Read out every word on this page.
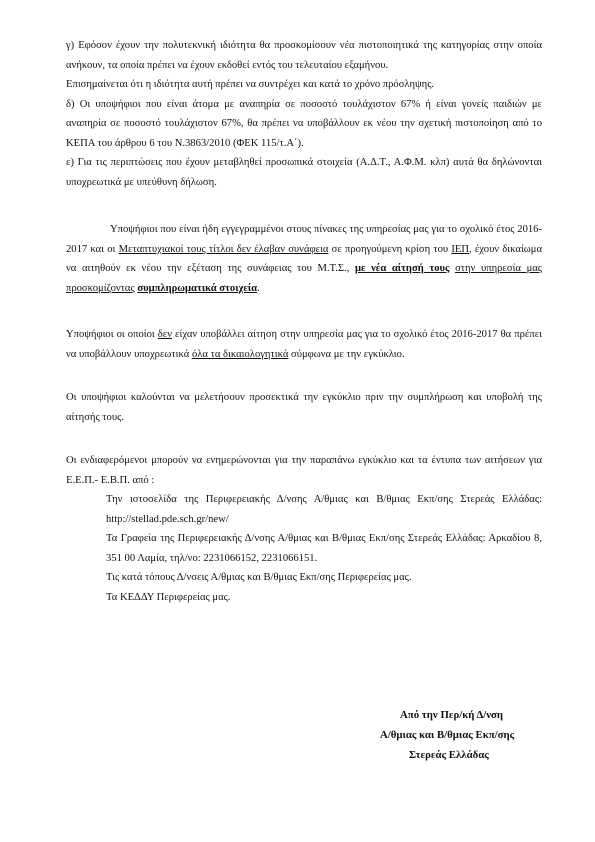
γ) Εφόσον έχουν την πολυτεκνική ιδιότητα θα προσκομίσουν νέα πιστοποιητικά της κατηγορίας στην οποία ανήκουν, τα οποία πρέπει να έχουν εκδοθεί εντός του τελευταίου εξαμήνου.

Επισημαίνεται ότι η ιδιότητα αυτή πρέπει να συντρέχει και κατά το χρόνο πρόσληψης.

δ) Οι υποψήφιοι που είναι άτομα με αναπηρία σε ποσοστό τουλάχιστον 67% ή είναι γονείς παιδιών με αναπηρία σε ποσοστό τουλάχιστον 67%, θα πρέπει να υποβάλλουν εκ νέου την σχετική πιστοποίηση από το ΚΕΠΑ του άρθρου 6 του Ν.3863/2010 (ΦΕΚ 115/τ.Α΄).

ε) Για τις περιπτώσεις που έχουν μεταβληθεί προσωπικά στοιχεία (Α.Δ.Τ., Α.Φ.Μ. κλπ) αυτά θα δηλώνονται υποχρεωτικά με υπεύθυνη δήλωση.

Υποψήφιοι που είναι ήδη εγγεγραμμένοι στους πίνακες της υπηρεσίας μας για το σχολικό έτος 2016-2017 και οι Μεταπτυχιακοί τους τίτλοι δεν έλαβαν συνάφεια σε προηγούμενη κρίση του ΙΕΠ, έχουν δικαίωμα να αιτηθούν εκ νέου την εξέταση της συνάφειας του Μ.Τ.Σ., με νέα αίτησή τους στην υπηρεσία μας προσκομίζοντας συμπληρωματικά στοιχεία.

Υποψήφιοι οι οποίοι δεν είχαν υποβάλλει αίτηση στην υπηρεσία μας για το σχολικό έτος 2016-2017 θα πρέπει να υποβάλλουν υποχρεωτικά όλα τα δικαιολογητικά σύμφωνα με την εγκύκλιο.

Οι υποψήφιοι καλούνται να μελετήσουν προσεκτικά την εγκύκλιο πριν την συμπλήρωση και υποβολή της αίτησής τους.

Οι ενδιαφερόμενοι μπορούν να ενημερώνονται για την παραπάνω εγκύκλιο και τα έντυπα των αιτήσεων για Ε.Ε.Π.- Ε.Β.Π. από :

Την ιστοσελίδα της Περιφερειακής Δ/νσης Α/θμιας και Β/θμιας Εκπ/σης Στερεάς Ελλάδας: http://stellad.pde.sch.gr/new/

Τα Γραφεία της Περιφερειακής Δ/νσης Α/θμιας και Β/θμιας Εκπ/σης Στερεάς Ελλάδας: Αρκαδίου 8, 351 00 Λαμία, τηλ/νο: 2231066152, 2231066151.

Τις κατά τόπους Δ/νσεις Α/θμιας και Β/θμιας Εκπ/σης Περιφερείας μας.

Τα ΚΕΔΔΥ Περιφερείας μας.

Από την Περ/κή Δ/νση
Α/θμιας και Β/θμιας Εκπ/σης
Στερεάς Ελλάδας
